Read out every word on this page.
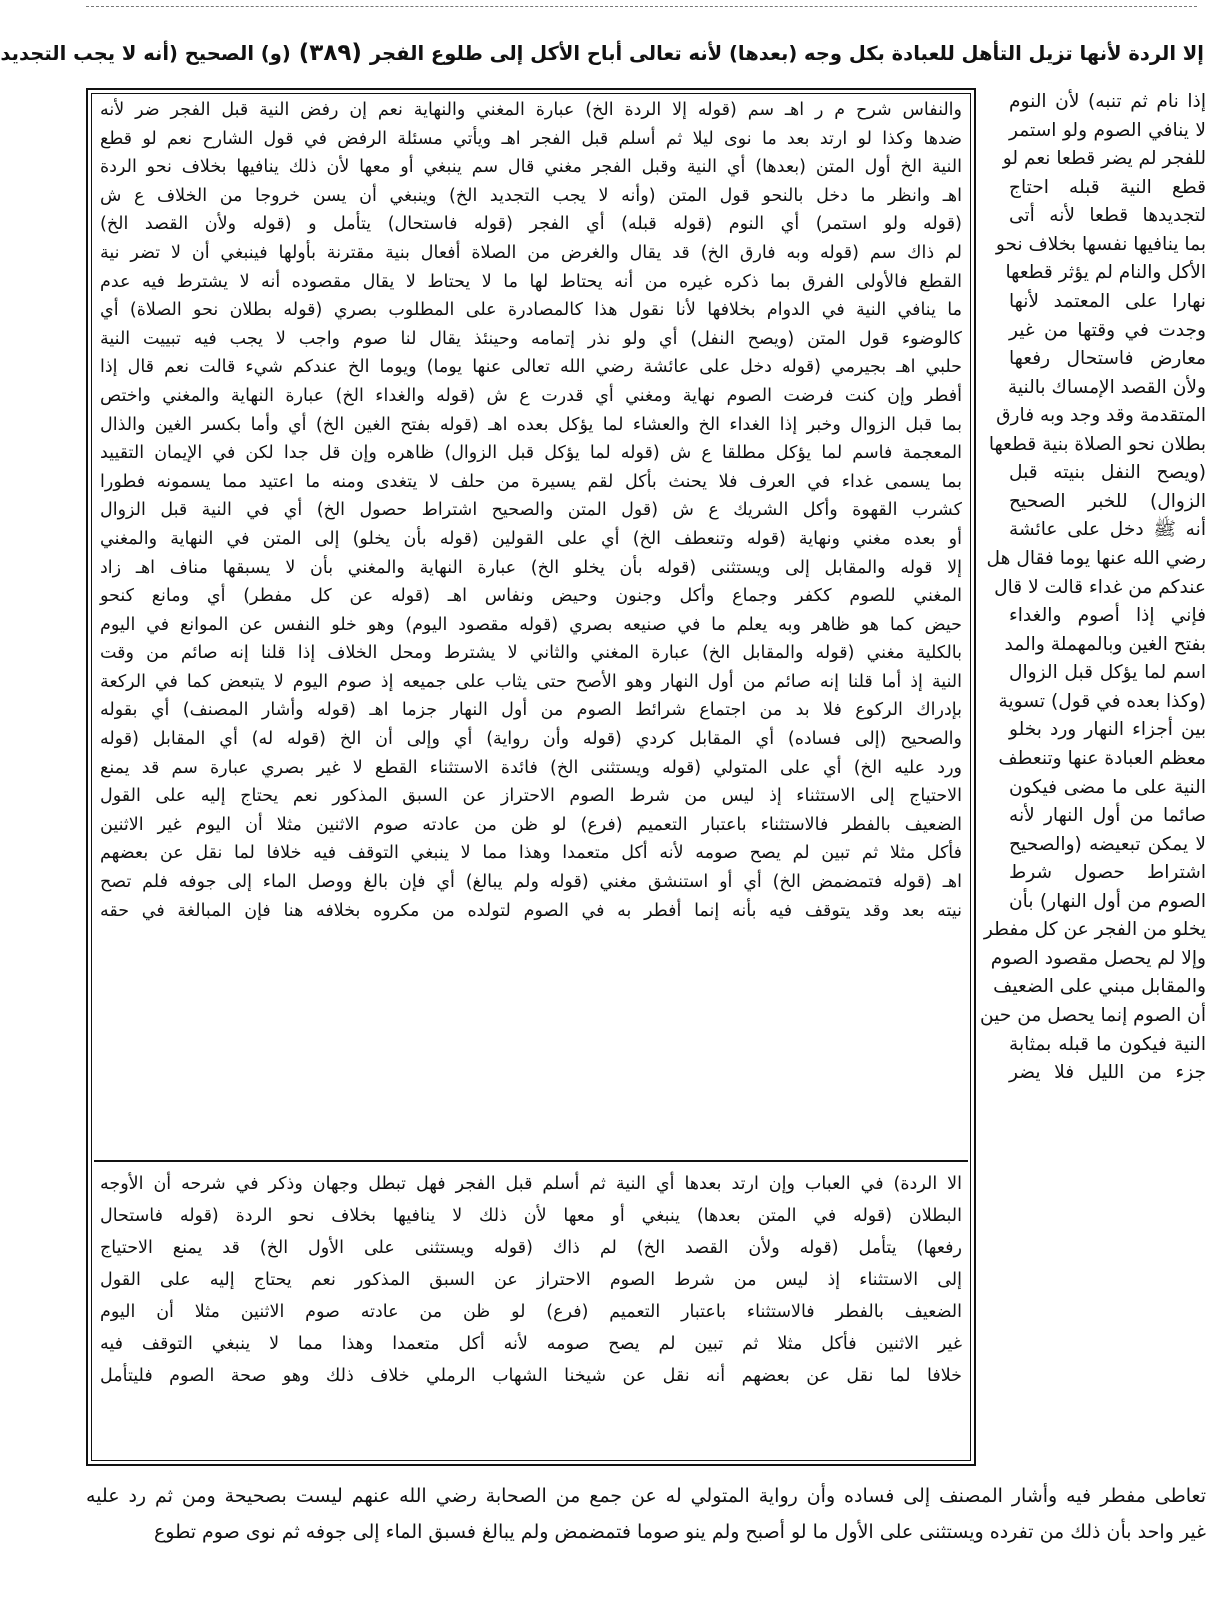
إلا الردة لأنها تزيل التأهل للعبادة بكل وجه (بعدها) لأنه تعالى أباح الأكل إلى طلوع الفجر
(٣٨٩)
(و) الصحيح (أنه لا يجب التجديد
إذا نام ثم تنبه) لأن النوم
لا ينافي الصوم ولو استمر
للفجر لم يضر قطعا نعم لو
قطع النية قبله احتاج
لتجديدها قطعا لأنه أتى
بما ينافيها نفسها بخلاف نحو
الأكل والنام لم يؤثر قطعها
نهارا على المعتمد لأنها
وجدت في وقتها من غير
معارض فاستحال رفعها
ولأن القصد الإمساك بالنية
المتقدمة وقد وجد وبه فارق
بطلان نحو الصلاة بنية قطعها
(ويصح النفل بنيته قبل
الزوال) للخبر الصحيح
أنه ﷺ دخل على عائشة
رضي الله عنها يوما فقال هل
عندكم من غداء قالت لا قال
فإني إذا أصوم والغداء
بفتح الغين وبالمهملة والمد
اسم لما يؤكل قبل الزوال
(وكذا بعده في قول) تسوية
بين أجزاء النهار ورد بخلو
معظم العبادة عنها وتنعطف
النية على ما مضى فيكون
صائما من أول النهار لأنه
لا يمكن تبعيضه (والصحيح
اشتراط حصول شرط
الصوم من أول النهار) بأن
يخلو من الفجر عن كل مفطر
وإلا لم يحصل مقصود الصوم
والمقابل مبني على الضعيف
أن الصوم إنما يحصل من حين
النية فيكون ما قبله بمثابة
جزء من الليل فلا يضر
والنفاس شرح م ر اهـ سم (قوله إلا الردة الخ) عبارة المغني والنهاية نعم إن رفض النية قبل الفجر ضر لأنه
ضدها وكذا لو ارتد بعد ما نوى ليلا ثم أسلم قبل الفجر اهـ ويأتي مسئلة الرفض في قول الشارح نعم لو قطع
النية الخ أول المتن (بعدها) أي النية وقبل الفجر مغني قال سم ينبغي أو معها لأن ذلك ينافيها بخلاف نحو الردة
اهـ وانظر ما دخل بالنحو قول المتن (وأنه لا يجب التجديد الخ) وينبغي أن يسن خروجا من الخلاف ع ش
(قوله ولو استمر) أي النوم (قوله قبله) أي الفجر (قوله فاستحال) يتأمل و (قوله ولأن القصد الخ)
لم ذاك سم (قوله وبه فارق الخ) قد يقال والغرض من الصلاة أفعال بنية مقترنة بأولها فينبغي أن لا تضر نية
القطع فالأولى الفرق بما ذكره غيره من أنه يحتاط لها ما لا يحتاط لا يقال مقصوده أنه لا يشترط فيه عدم
ما ينافي النية في الدوام بخلافها لأنا نقول هذا كالمصادرة على المطلوب بصري (قوله بطلان نحو الصلاة) أي
كالوضوء قول المتن (ويصح النفل) أي ولو نذر إتمامه وحينئذ يقال لنا صوم واجب لا يجب فيه تبييت النية
حلبي اهـ بجيرمي (قوله دخل على عائشة رضي الله تعالى عنها يوما) ويوما الخ عندكم شيء قالت نعم قال إذا
أفطر وإن كنت فرضت الصوم نهاية ومغني أي قدرت ع ش (قوله والغداء الخ) عبارة النهاية والمغني واختص
بما قبل الزوال وخبر إذا الغداء الخ والعشاء لما يؤكل بعده اهـ (قوله بفتح الغين الخ) أي وأما بكسر الغين والذال
المعجمة فاسم لما يؤكل مطلقا ع ش (قوله لما يؤكل قبل الزوال) ظاهره وإن قل جدا لكن في الإيمان التقييد
بما يسمى غداء في العرف فلا يحنث بأكل لقم يسيرة من حلف لا يتغدى ومنه ما اعتيد مما يسمونه فطورا
كشرب القهوة وأكل الشريك ع ش (قول المتن والصحيح اشتراط حصول الخ) أي في النية قبل الزوال
أو بعده مغني ونهاية (قوله وتنعطف الخ) أي على القولين (قوله بأن يخلو) إلى المتن في النهاية والمغني
إلا قوله والمقابل إلى ويستثنى (قوله بأن يخلو الخ) عبارة النهاية والمغني بأن لا يسبقها مناف اهـ زاد
المغني للصوم ككفر وجماع وأكل وجنون وحيض ونفاس اهـ (قوله عن كل مفطر) أي ومانع كنحو
حيض كما هو ظاهر وبه يعلم ما في صنيعه بصري (قوله مقصود اليوم) وهو خلو النفس عن الموانع في اليوم
بالكلية مغني (قوله والمقابل الخ) عبارة المغني والثاني لا يشترط ومحل الخلاف إذا قلنا إنه صائم من وقت
النية إذ أما قلنا إنه صائم من أول النهار وهو الأصح حتى يثاب على جميعه إذ صوم اليوم لا يتبعض كما في الركعة
بإدراك الركوع فلا بد من اجتماع شرائط الصوم من أول النهار جزما اهـ (قوله وأشار المصنف) أي بقوله
والصحيح (إلى فساده) أي المقابل كردي (قوله وأن رواية) أي وإلى أن الخ (قوله له) أي المقابل (قوله
ورد عليه الخ) أي على المتولي (قوله ويستثنى الخ) فائدة الاستثناء القطع لا غير بصري عبارة سم قد يمنع
الاحتياج إلى الاستثناء إذ ليس من شرط الصوم الاحتراز عن السبق المذكور نعم يحتاج إليه على القول
الضعيف بالفطر فالاستثناء باعتبار التعميم (فرع) لو ظن من عادته صوم الاثنين مثلا أن اليوم غير الاثنين
فأكل مثلا ثم تبين لم يصح صومه لأنه أكل متعمدا وهذا مما لا ينبغي التوقف فيه خلافا لما نقل عن بعضهم
اهـ (قوله فتمضمض الخ) أي أو استنشق مغني (قوله ولم يبالغ) أي فإن بالغ ووصل الماء إلى جوفه فلم تصح
نيته بعد وقد يتوقف فيه بأنه إنما أفطر به في الصوم لتولده من مكروه بخلافه هنا فإن المبالغة في حقه
الا الردة) في العباب وإن ارتد بعدها أي النية ثم أسلم قبل الفجر فهل تبطل وجهان وذكر في شرحه أن الأوجه
البطلان (قوله في المتن بعدها) ينبغي أو معها لأن ذلك لا ينافيها بخلاف نحو الردة (قوله فاستحال
رفعها) يتأمل (قوله ولأن القصد الخ) لم ذاك (قوله ويستثنى على الأول الخ) قد يمنع الاحتياج
إلى الاستثناء إذ ليس من شرط الصوم الاحتراز عن السبق المذكور نعم يحتاج إليه على القول
الضعيف بالفطر فالاستثناء باعتبار التعميم (فرع) لو ظن من عادته صوم الاثنين مثلا أن اليوم
غير الاثنين فأكل مثلا ثم تبين لم يصح صومه لأنه أكل متعمدا وهذا مما لا ينبغي التوقف فيه
خلافا لما نقل عن بعضهم أنه نقل عن شيخنا الشهاب الرملي خلاف ذلك وهو صحة الصوم فليتأمل
تعاطى مفطر فيه وأشار المصنف إلى فساده وأن رواية المتولي له عن جمع من الصحابة رضي الله عنهم ليست بصحيحة ومن ثم رد عليه
غير واحد بأن ذلك من تفرده ويستثنى على الأول ما لو أصبح ولم ينو صوما فتمضمض ولم يبالغ فسبق الماء إلى جوفه ثم نوى صوم تطوع
